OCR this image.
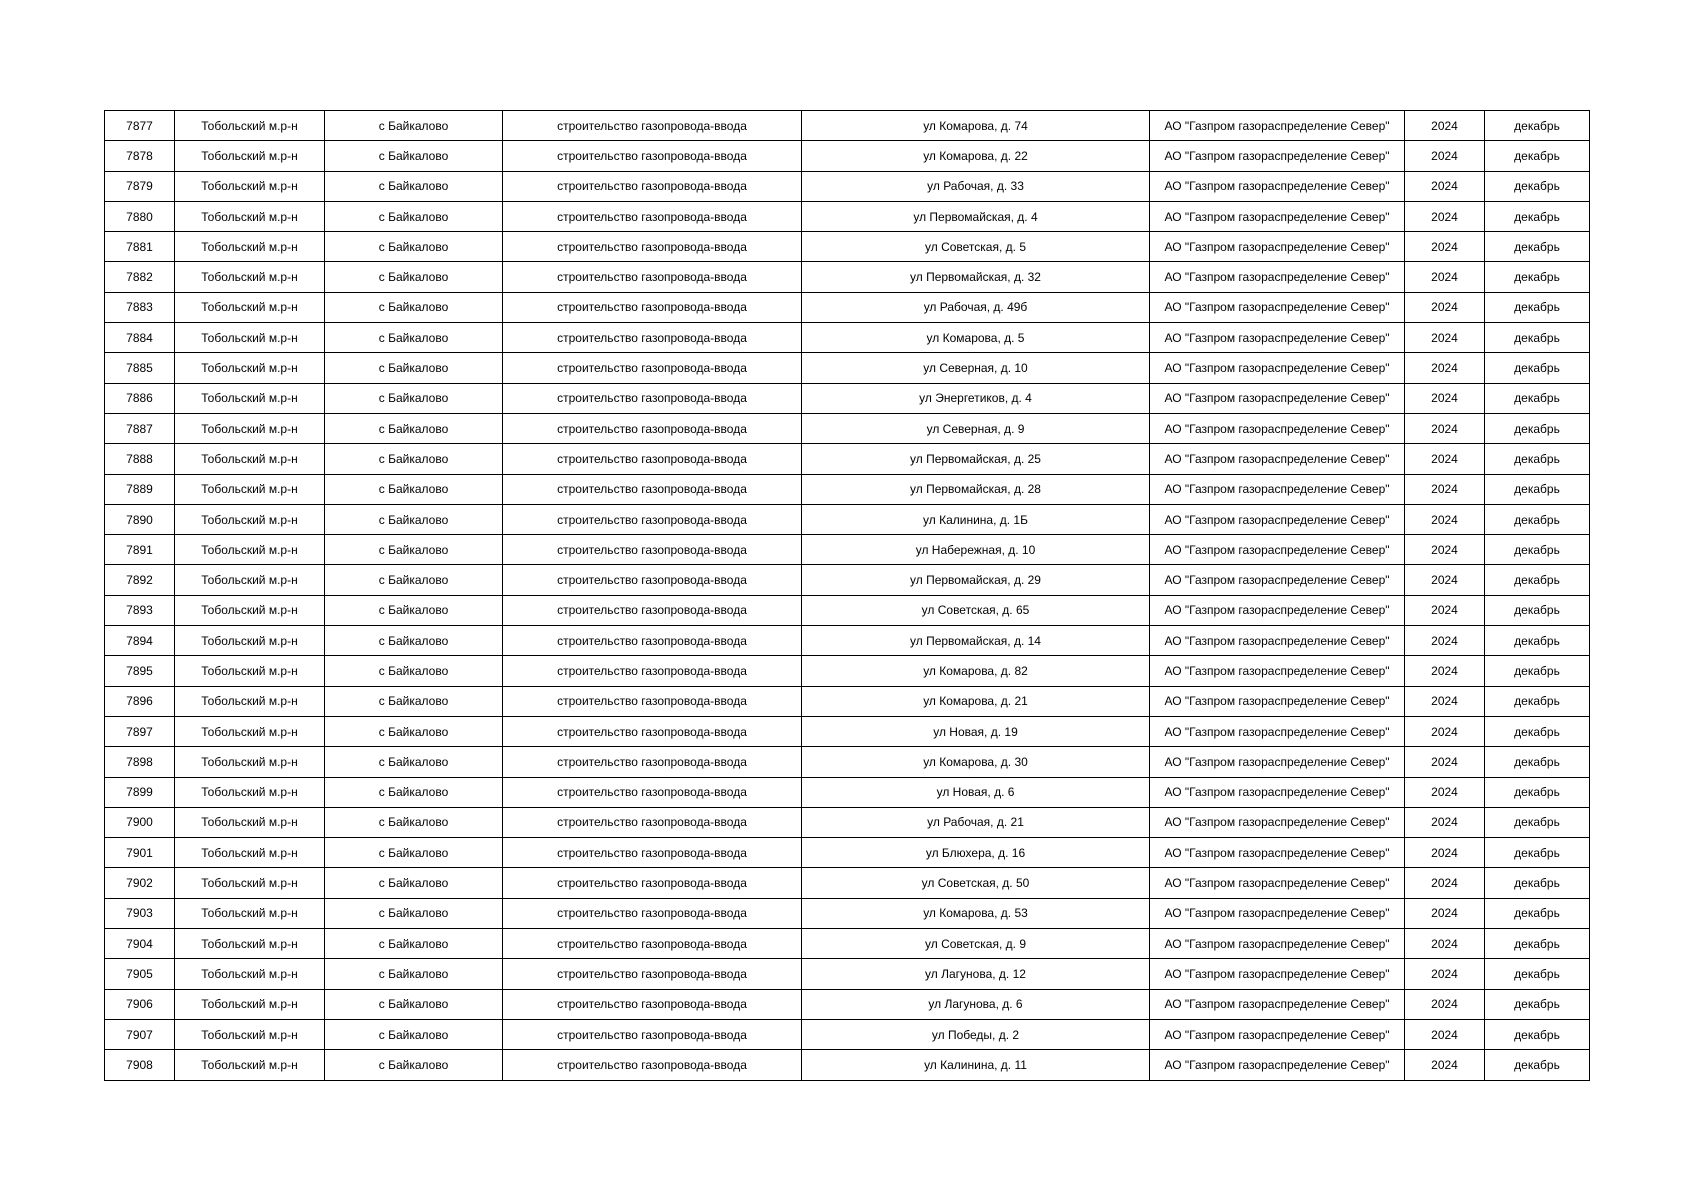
7877	Тобольский м.р-н	с Байкалово	строительство газопровода-ввода	ул Комарова, д. 74	АО "Газпром газораспределение Север"	2024	декабрь
7878	Тобольский м.р-н	с Байкалово	строительство газопровода-ввода	ул Комарова, д. 22	АО "Газпром газораспределение Север"	2024	декабрь
7879	Тобольский м.р-н	с Байкалово	строительство газопровода-ввода	ул Рабочая, д. 33	АО "Газпром газораспределение Север"	2024	декабрь
7880	Тобольский м.р-н	с Байкалово	строительство газопровода-ввода	ул Первомайская, д. 4	АО "Газпром газораспределение Север"	2024	декабрь
7881	Тобольский м.р-н	с Байкалово	строительство газопровода-ввода	ул Советская, д. 5	АО "Газпром газораспределение Север"	2024	декабрь
7882	Тобольский м.р-н	с Байкалово	строительство газопровода-ввода	ул Первомайская, д. 32	АО "Газпром газораспределение Север"	2024	декабрь
7883	Тобольский м.р-н	с Байкалово	строительство газопровода-ввода	ул Рабочая, д. 49б	АО "Газпром газораспределение Север"	2024	декабрь
7884	Тобольский м.р-н	с Байкалово	строительство газопровода-ввода	ул Комарова, д. 5	АО "Газпром газораспределение Север"	2024	декабрь
7885	Тобольский м.р-н	с Байкалово	строительство газопровода-ввода	ул Северная, д. 10	АО "Газпром газораспределение Север"	2024	декабрь
7886	Тобольский м.р-н	с Байкалово	строительство газопровода-ввода	ул Энергетиков, д. 4	АО "Газпром газораспределение Север"	2024	декабрь
7887	Тобольский м.р-н	с Байкалово	строительство газопровода-ввода	ул Северная, д. 9	АО "Газпром газораспределение Север"	2024	декабрь
7888	Тобольский м.р-н	с Байкалово	строительство газопровода-ввода	ул Первомайская, д. 25	АО "Газпром газораспределение Север"	2024	декабрь
7889	Тобольский м.р-н	с Байкалово	строительство газопровода-ввода	ул Первомайская, д. 28	АО "Газпром газораспределение Север"	2024	декабрь
7890	Тобольский м.р-н	с Байкалово	строительство газопровода-ввода	ул Калинина, д. 1Б	АО "Газпром газораспределение Север"	2024	декабрь
7891	Тобольский м.р-н	с Байкалово	строительство газопровода-ввода	ул Набережная, д. 10	АО "Газпром газораспределение Север"	2024	декабрь
7892	Тобольский м.р-н	с Байкалово	строительство газопровода-ввода	ул Первомайская, д. 29	АО "Газпром газораспределение Север"	2024	декабрь
7893	Тобольский м.р-н	с Байкалово	строительство газопровода-ввода	ул Советская, д. 65	АО "Газпром газораспределение Север"	2024	декабрь
7894	Тобольский м.р-н	с Байкалово	строительство газопровода-ввода	ул Первомайская, д. 14	АО "Газпром газораспределение Север"	2024	декабрь
7895	Тобольский м.р-н	с Байкалово	строительство газопровода-ввода	ул Комарова, д. 82	АО "Газпром газораспределение Север"	2024	декабрь
7896	Тобольский м.р-н	с Байкалово	строительство газопровода-ввода	ул Комарова, д. 21	АО "Газпром газораспределение Север"	2024	декабрь
7897	Тобольский м.р-н	с Байкалово	строительство газопровода-ввода	ул Новая, д. 19	АО "Газпром газораспределение Север"	2024	декабрь
7898	Тобольский м.р-н	с Байкалово	строительство газопровода-ввода	ул Комарова, д. 30	АО "Газпром газораспределение Север"	2024	декабрь
7899	Тобольский м.р-н	с Байкалово	строительство газопровода-ввода	ул Новая, д. 6	АО "Газпром газораспределение Север"	2024	декабрь
7900	Тобольский м.р-н	с Байкалово	строительство газопровода-ввода	ул Рабочая, д. 21	АО "Газпром газораспределение Север"	2024	декабрь
7901	Тобольский м.р-н	с Байкалово	строительство газопровода-ввода	ул Блюхера, д. 16	АО "Газпром газораспределение Север"	2024	декабрь
7902	Тобольский м.р-н	с Байкалово	строительство газопровода-ввода	ул Советская, д. 50	АО "Газпром газораспределение Север"	2024	декабрь
7903	Тобольский м.р-н	с Байкалово	строительство газопровода-ввода	ул Комарова, д. 53	АО "Газпром газораспределение Север"	2024	декабрь
7904	Тобольский м.р-н	с Байкалово	строительство газопровода-ввода	ул Советская, д. 9	АО "Газпром газораспределение Север"	2024	декабрь
7905	Тобольский м.р-н	с Байкалово	строительство газопровода-ввода	ул Лагунова, д. 12	АО "Газпром газораспределение Север"	2024	декабрь
7906	Тобольский м.р-н	с Байкалово	строительство газопровода-ввода	ул Лагунова, д. 6	АО "Газпром газораспределение Север"	2024	декабрь
7907	Тобольский м.р-н	с Байкалово	строительство газопровода-ввода	ул Победы, д. 2	АО "Газпром газораспределение Север"	2024	декабрь
7908	Тобольский м.р-н	с Байкалово	строительство газопровода-ввода	ул Калинина, д. 11	АО "Газпром газораспределение Север"	2024	декабрь
